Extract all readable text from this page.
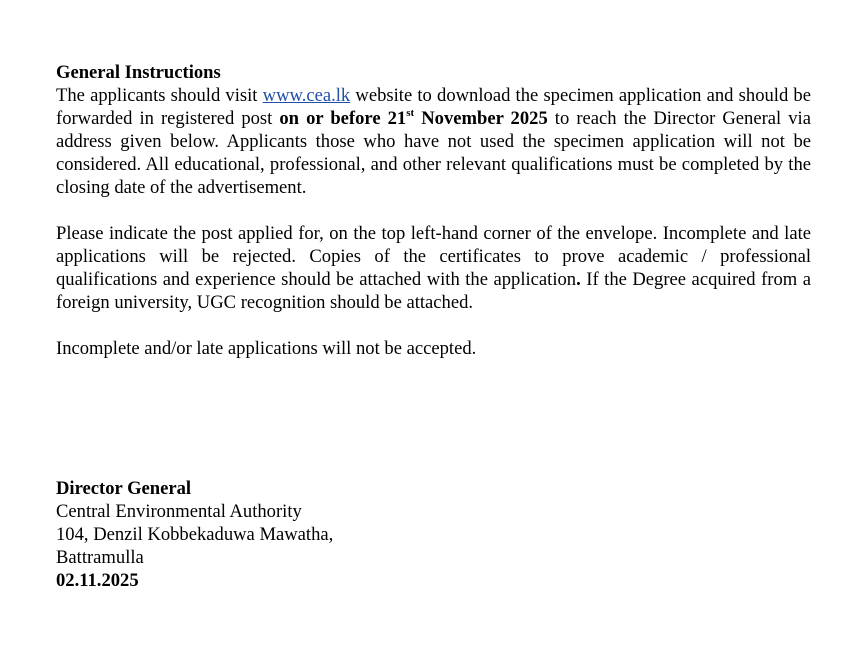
General Instructions

The applicants should visit www.cea.lk website to download the specimen application and should be forwarded in registered post on or before 21st November 2025 to reach the Director General via address given below. Applicants those who have not used the specimen application will not be considered. All educational, professional, and other relevant qualifications must be completed by the closing date of the advertisement.

Please indicate the post applied for, on the top left-hand corner of the envelope. Incomplete and late applications will be rejected. Copies of the certificates to prove academic / professional qualifications and experience should be attached with the application. If the Degree acquired from a foreign university, UGC recognition should be attached.

Incomplete and/or late applications will not be accepted.

Director General

Central Environmental Authority

104, Denzil Kobbekaduwa Mawatha,

Battramulla

02.11.2025
